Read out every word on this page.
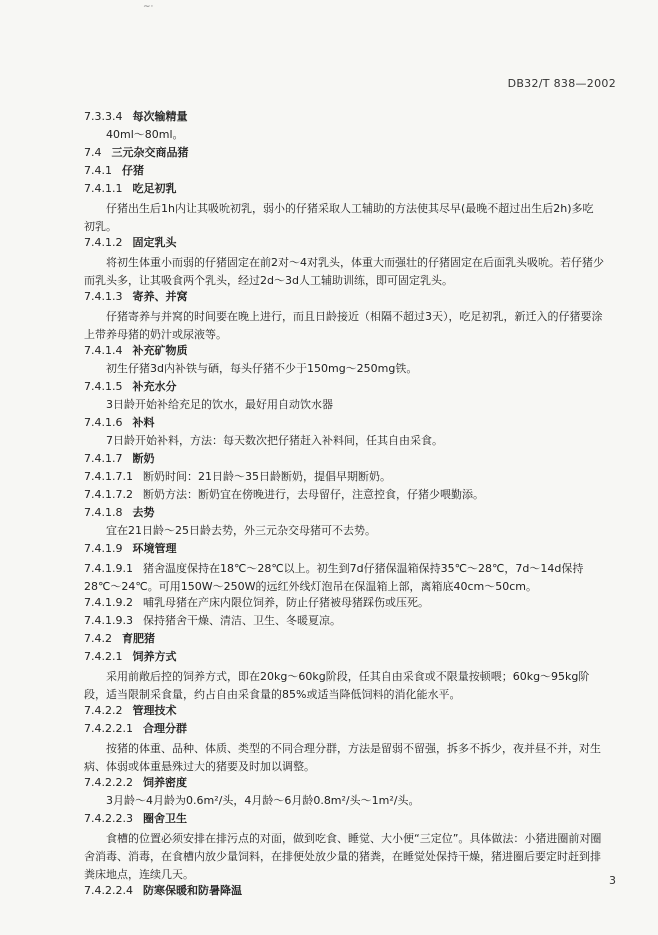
~·
DB32/T 838—2002
7.3.3.4 每次输精量
40ml～80ml。
7.4 三元杂交商品猪
7.4.1 仔猪
7.4.1.1 吃足初乳
仔猪出生后1h内让其吸吮初乳，弱小的仔猪采取人工辅助的方法使其尽早(最晚不超过出生后2h)多吃初乳。
7.4.1.2 固定乳头
将初生体重小而弱的仔猪固定在前2对～4对乳头，体重大而强壮的仔猪固定在后面乳头吸吮。若仔猪少而乳头多，让其吸食两个乳头，经过2d～3d人工辅助训练，即可固定乳头。
7.4.1.3 寄养、并窝
仔猪寄养与并窝的时间要在晚上进行，而且日龄接近（相隔不超过3天），吃足初乳，新迁入的仔猪要涂上带养母猪的奶汁或尿液等。
7.4.1.4 补充矿物质
初生仔猪3d内补铁与硒，每头仔猪不少于150mg～250mg铁。
7.4.1.5 补充水分
3日龄开始补给充足的饮水，最好用自动饮水器
7.4.1.6 补料
7日龄开始补料，方法：每天数次把仔猪赶入补料间，任其自由采食。
7.4.1.7 断奶
7.4.1.7.1 断奶时间：21日龄～35日龄断奶，提倡早期断奶。
7.4.1.7.2 断奶方法：断奶宜在傍晚进行，去母留仔，注意控食，仔猪少喂勤添。
7.4.1.8 去势
宜在21日龄～25日龄去势，外三元杂交母猪可不去势。
7.4.1.9 环境管理
7.4.1.9.1 猪舍温度保持在18℃～28℃以上。初生到7d仔猪保温箱保持35℃～28℃，7d～14d保持28℃～24℃。可用150W～250W的远红外线灯泡吊在保温箱上部，离箱底40cm～50cm。
7.4.1.9.2 哺乳母猪在产床内限位饲养，防止仔猪被母猪踩伤或压死。
7.4.1.9.3 保持猪舍干燥、清洁、卫生、冬暖夏凉。
7.4.2 育肥猪
7.4.2.1 饲养方式
采用前敞后控的饲养方式，即在20kg～60kg阶段，任其自由采食或不限量按顿喂；60kg～95kg阶段，适当限制采食量，约占自由采食量的85%或适当降低饲料的消化能水平。
7.4.2.2 管理技术
7.4.2.2.1 合理分群
按猪的体重、品种、体质、类型的不同合理分群，方法是留弱不留强，拆多不拆少，夜并昼不并，对生病、体弱或体重悬殊过大的猪要及时加以调整。
7.4.2.2.2 饲养密度
3月龄～4月龄为0.6m²/头，4月龄～6月龄0.8m²/头～1m²/头。
7.4.2.2.3 圈舍卫生
食槽的位置必须安排在排污点的对面，做到吃食、睡觉、大小便“三定位”。具体做法：小猪进圈前对圈舍消毒、消毒，在食槽内放少量饲料，在排便处放少量的猪粪，在睡觉处保持干燥，猪进圈后要定时赶到排粪床地点，连续几天。
7.4.2.2.4 防寒保暖和防暑降温
3
